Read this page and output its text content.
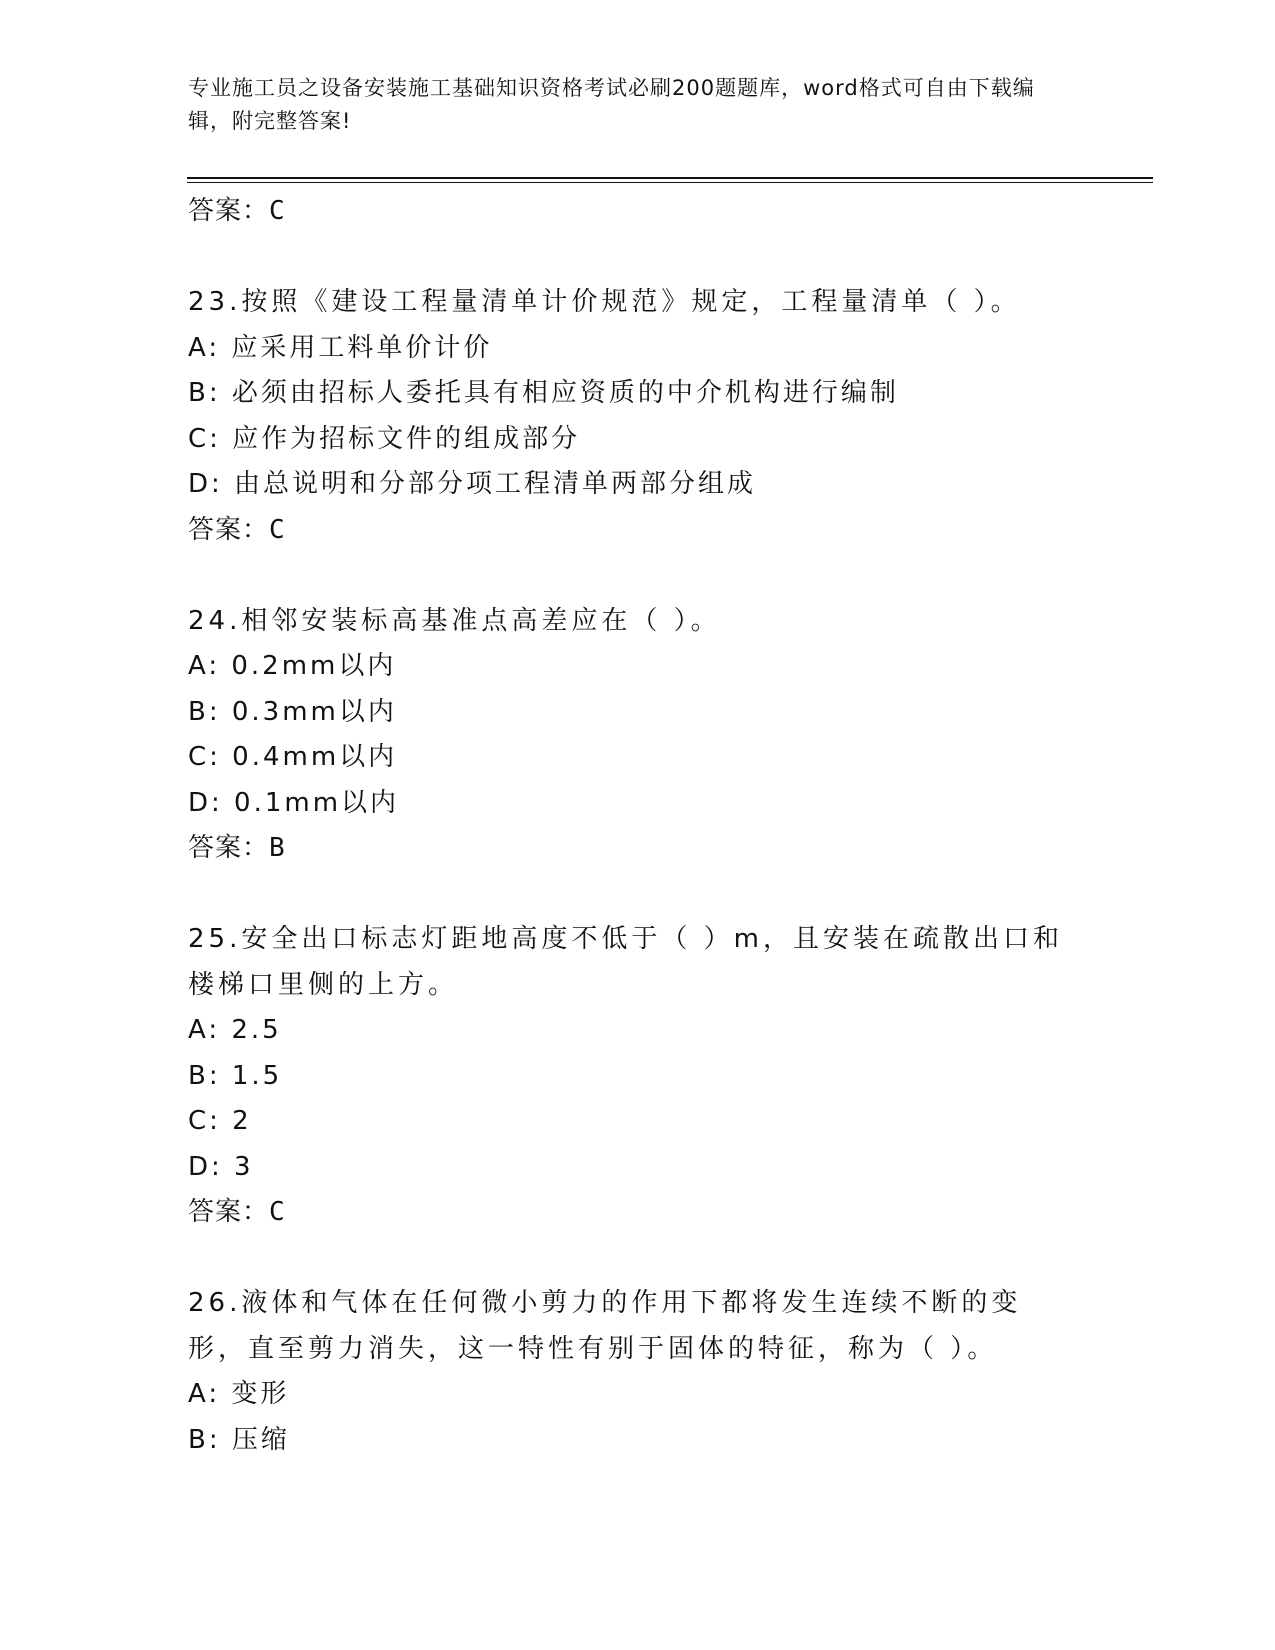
专业施工员之设备安装施工基础知识资格考试必刷200题题库，word格式可自由下载编辑，附完整答案!
答案：C
23.按照《建设工程量清单计价规范》规定，工程量清单（ ）。
A: 应采用工料单价计价
B: 必须由招标人委托具有相应资质的中介机构进行编制
C: 应作为招标文件的组成部分
D: 由总说明和分部分项工程清单两部分组成
答案：C
24.相邻安装标高基准点高差应在（ ）。
A: 0.2mm以内
B: 0.3mm以内
C: 0.4mm以内
D: 0.1mm以内
答案：B
25.安全出口标志灯距地高度不低于（ ）m，且安装在疏散出口和楼梯口里侧的上方。
A: 2.5
B: 1.5
C: 2
D: 3
答案：C
26.液体和气体在任何微小剪力的作用下都将发生连续不断的变形，直至剪力消失，这一特性有别于固体的特征，称为（ ）。
A: 变形
B: 压缩
